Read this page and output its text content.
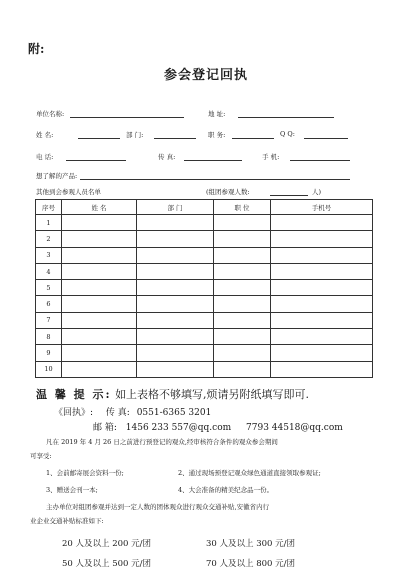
附:
参会登记回执
单位名称:	地 址:
姓 名:	部 门:	职 务:	Q Q:
电 话:	传 真:	手 机:
想了解的产品:
其他到会参观人员名单	(组团参观人数:	人)
序号	姓 名	部 门	职 位	手机号
1				
2				
3				
4				
5				
6				
7				
8				
9				
10				
温 馨 提 示: 如上表格不够填写,烦请另附纸填写即可.
《回执》: 传 真: 0551-6365 3201
邮 箱: 1456 233 557@qq.com 7793 44518@qq.com
凡在 2019 年 4 月 26 日之前进行预登记的观众,经审核符合条件的观众参会期间
可享受:
1、会前邮寄展会资料一份;	2、通过现场预登记观众绿色通道直接领取参观证;
3、赠送会刊一本;	4、大会准备的精美纪念品一份。
主办单位对组团参观并达到一定人数的团体观众进行观众交通补贴,安徽省内行
业企业交通补贴标准如下:
20 人及以上 200 元/团	30 人及以上 300 元/团
50 人及以上 500 元/团	70 人及以上 800 元/团
